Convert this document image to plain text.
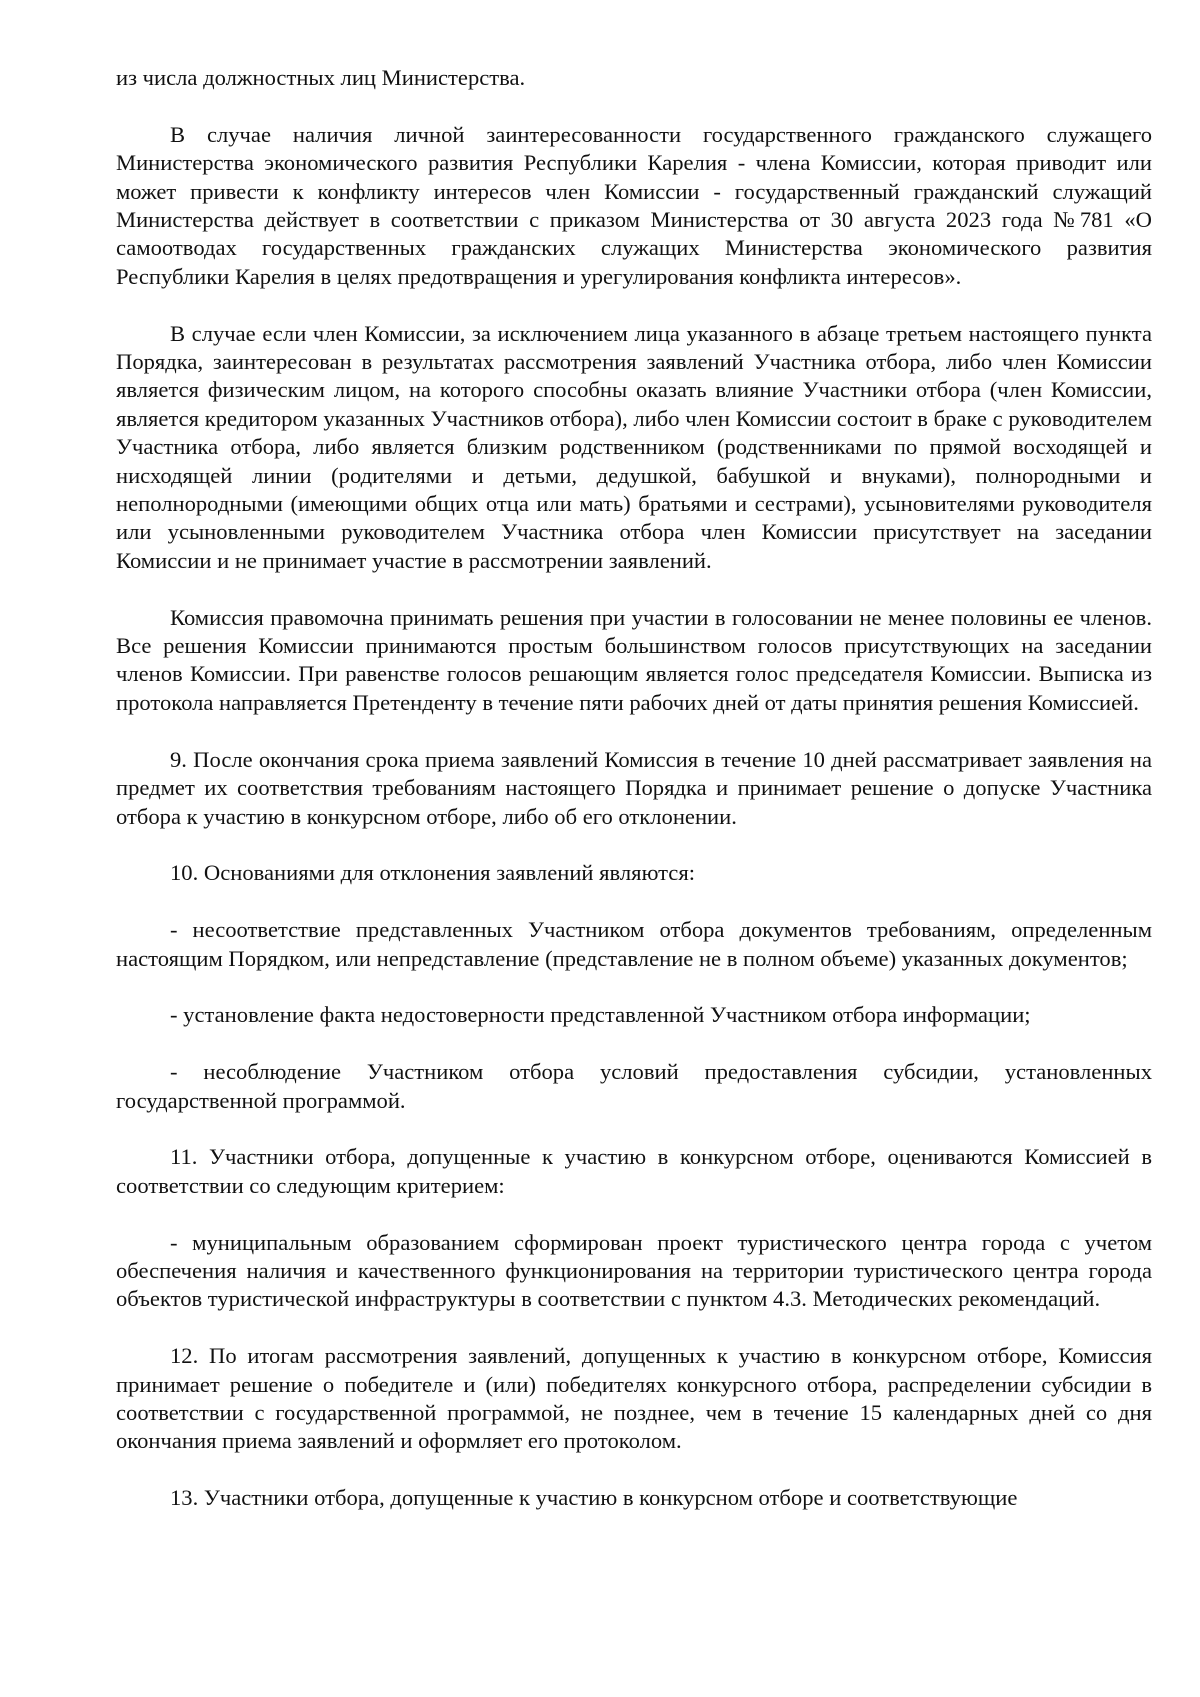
из числа должностных лиц Министерства.

В случае наличия личной заинтересованности государственного гражданского служащего Министерства экономического развития Республики Карелия - члена Комиссии, которая приводит или может привести к конфликту интересов член Комиссии - государственный гражданский служащий Министерства действует в соответствии с приказом Министерства от 30 августа 2023 года №781 «О самоотводах государственных гражданских служащих Министерства экономического развития Республики Карелия в целях предотвращения и урегулирования конфликта интересов».

В случае если член Комиссии, за исключением лица указанного в абзаце третьем настоящего пункта Порядка, заинтересован в результатах рассмотрения заявлений Участника отбора, либо член Комиссии является физическим лицом, на которого способны оказать влияние Участники отбора (член Комиссии, является кредитором указанных Участников отбора), либо член Комиссии состоит в браке с руководителем Участника отбора, либо является близким родственником (родственниками по прямой восходящей и нисходящей линии (родителями и детьми, дедушкой, бабушкой и внуками), полнородными и неполнородными (имеющими общих отца или мать) братьями и сестрами), усыновителями руководителя или усыновленными руководителем Участника отбора член Комиссии присутствует на заседании Комиссии и не принимает участие в рассмотрении заявлений.

Комиссия правомочна принимать решения при участии в голосовании не менее половины ее членов. Все решения Комиссии принимаются простым большинством голосов присутствующих на заседании членов Комиссии. При равенстве голосов решающим является голос председателя Комиссии. Выписка из протокола направляется Претенденту в течение пяти рабочих дней от даты принятия решения Комиссией.

9. После окончания срока приема заявлений Комиссия в течение 10 дней рассматривает заявления на предмет их соответствия требованиям настоящего Порядка и принимает решение о допуске Участника отбора к участию в конкурсном отборе, либо об его отклонении.

10. Основаниями для отклонения заявлений являются:

- несоответствие представленных Участником отбора документов требованиям, определенным настоящим Порядком, или непредставление (представление не в полном объеме) указанных документов;

- установление факта недостоверности представленной Участником отбора информации;

- несоблюдение Участником отбора условий предоставления субсидии, установленных государственной программой.

11. Участники отбора, допущенные к участию в конкурсном отборе, оцениваются Комиссией в соответствии со следующим критерием:

- муниципальным образованием сформирован проект туристического центра города с учетом обеспечения наличия и качественного функционирования на территории туристического центра города объектов туристической инфраструктуры в соответствии с пунктом 4.3. Методических рекомендаций.

12. По итогам рассмотрения заявлений, допущенных к участию в конкурсном отборе, Комиссия принимает решение о победителе и (или) победителях конкурсного отбора, распределении субсидии в соответствии с государственной программой, не позднее, чем в течение 15 календарных дней со дня окончания приема заявлений и оформляет его протоколом.

13. Участники отбора, допущенные к участию в конкурсном отборе и соответствующие
